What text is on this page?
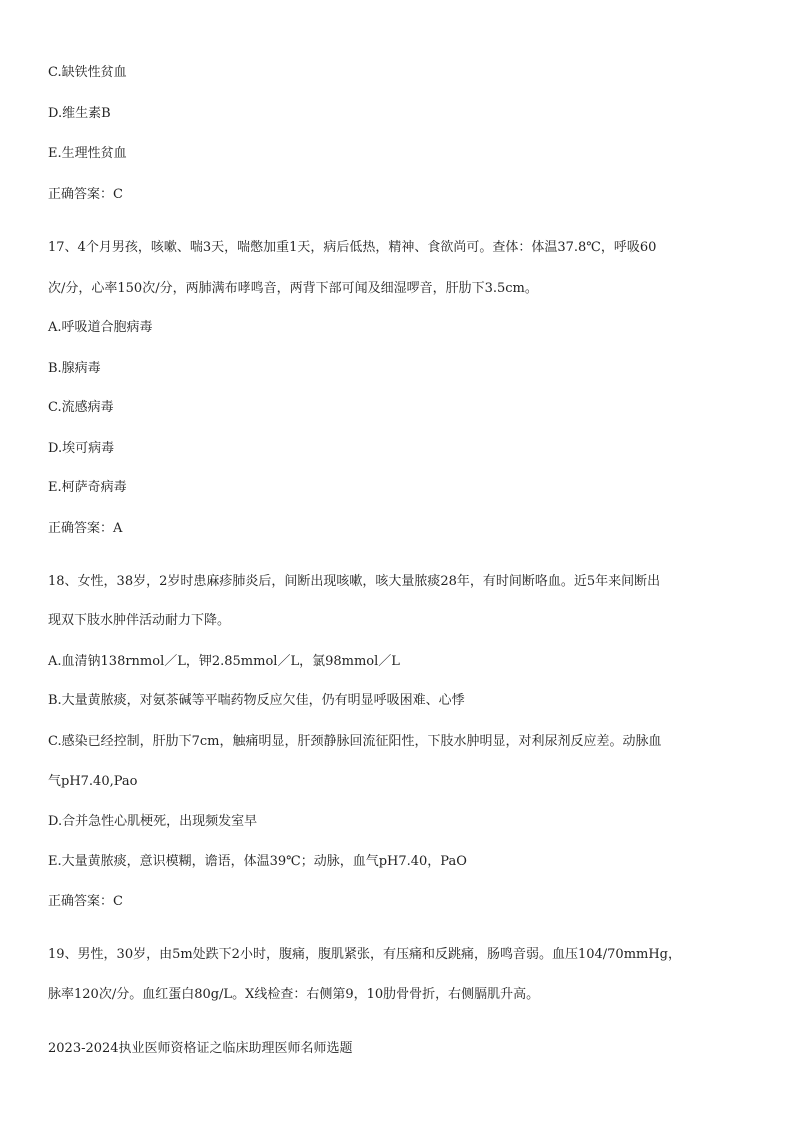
C.缺铁性贫血
D.维生素B
E.生理性贫血
正确答案：C
17、4个月男孩，咳嗽、喘3天，喘憋加重1天，病后低热，精神、食欲尚可。查体：体温37.8℃，呼吸60
次/分，心率150次/分，两肺满布哮鸣音，两背下部可闻及细湿啰音，肝肋下3.5cm。
A.呼吸道合胞病毒
B.腺病毒
C.流感病毒
D.埃可病毒
E.柯萨奇病毒
正确答案：A
18、女性，38岁，2岁时患麻疹肺炎后，间断出现咳嗽，咳大量脓痰28年，有时间断咯血。近5年来间断出
现双下肢水肿伴活动耐力下降。
A.血清钠138rnmol／L，钾2.85mmol／L，氯98mmol／L
B.大量黄脓痰，对氨茶碱等平喘药物反应欠佳，仍有明显呼吸困难、心悸
C.感染已经控制，肝肋下7cm，触痛明显，肝颈静脉回流征阳性，下肢水肿明显，对利尿剂反应差。动脉血
气pH7.40,Pao
D.合并急性心肌梗死，出现频发室早
E.大量黄脓痰，意识模糊，谵语，体温39℃；动脉，血气pH7.40，PaO
正确答案：C
19、男性，30岁，由5m处跌下2小时，腹痛，腹肌紧张，有压痛和反跳痛，肠鸣音弱。血压104/70mmHg，
脉率120次/分。血红蛋白80g/L。X线检查：右侧第9，10肋骨骨折，右侧膈肌升高。
2023-2024执业医师资格证之临床助理医师名师选题
